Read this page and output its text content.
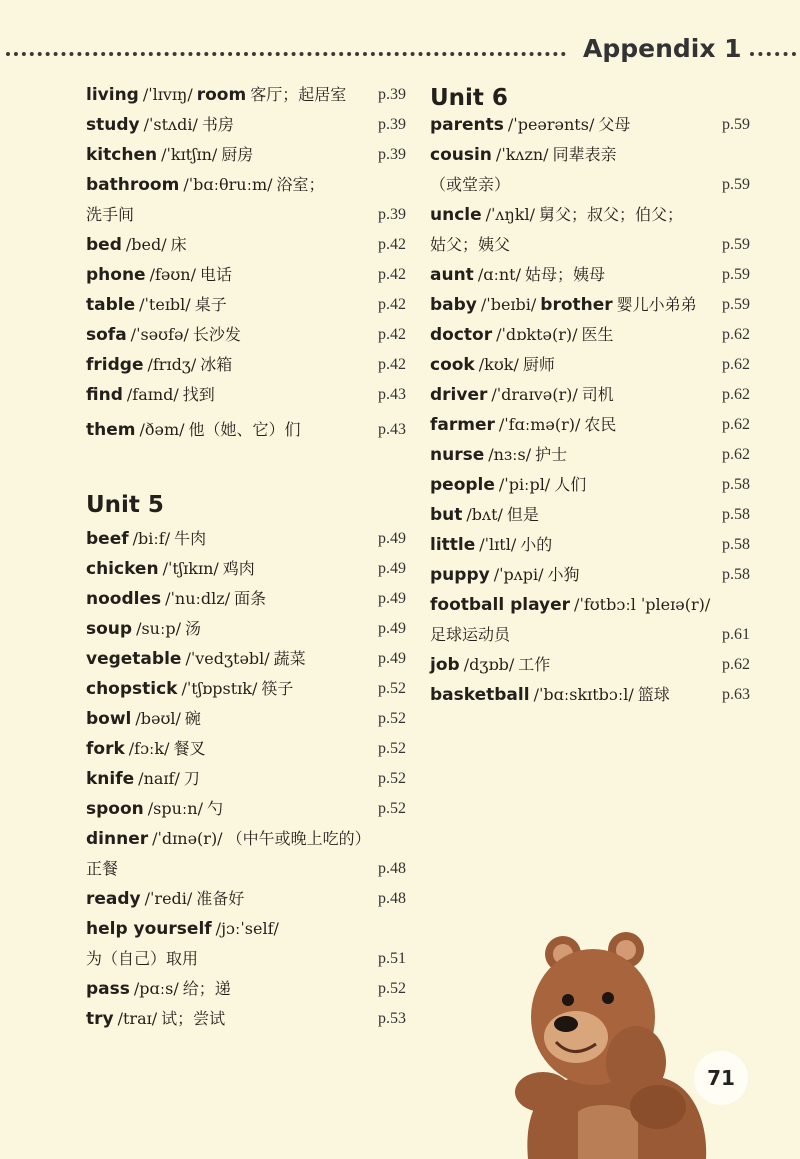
Appendix 1
living /ˈlɪvɪŋ/ room 客厅；起居室 p.39
study /ˈstʌdi/ 书房	p.39
kitchen /ˈkɪtʃɪn/ 厨房	p.39
bathroom /ˈbɑːθruːm/ 浴室；
洗手间	p.39
bed /bed/ 床	p.42
phone /fəʊn/ 电话	p.42
table /ˈteɪbl/ 桌子	p.42
sofa /ˈsəʊfə/ 长沙发	p.42
fridge /frɪdʒ/ 冰箱	p.42
find /faɪnd/ 找到	p.43
them /ðəm/ 他（她、它）们	p.43
Unit 5
beef /biːf/ 牛肉	p.49
chicken /ˈtʃɪkɪn/ 鸡肉	p.49
noodles /ˈnuːdlz/ 面条	p.49
soup /suːp/ 汤	p.49
vegetable /ˈvedʒtəbl/ 蔬菜	p.49
chopstick /ˈtʃɒpstɪk/ 筷子	p.52
bowl /bəʊl/ 碗	p.52
fork /fɔːk/ 餐叉	p.52
knife /naɪf/ 刀	p.52
spoon /spuːn/ 勺	p.52
dinner /ˈdɪnə(r)/ （中午或晚上吃的）
正餐	p.48
ready /ˈredi/ 准备好	p.48
help yourself /jɔːˈself/
为（自己）取用	p.51
pass /pɑːs/ 给；递	p.52
try /traɪ/ 试；尝试	p.53
Unit 6
parents /ˈpeərənts/ 父母	p.59
cousin /ˈkʌzn/ 同辈表亲
（或堂亲）	p.59
uncle /ˈʌŋkl/ 舅父；叔父；伯父；
姑父；姨父	p.59
aunt /ɑːnt/ 姑母；姨母	p.59
baby /ˈbeɪbi/ brother 婴儿小弟弟 p.59
doctor /ˈdɒktə(r)/ 医生	p.62
cook /kʊk/ 厨师	p.62
driver /ˈdraɪvə(r)/ 司机	p.62
farmer /ˈfɑːmə(r)/ 农民	p.62
nurse /nɜːs/ 护士	p.62
people /ˈpiːpl/ 人们	p.58
but /bʌt/ 但是	p.58
little /ˈlɪtl/ 小的	p.58
puppy /ˈpʌpi/ 小狗	p.58
football player /ˈfʊtbɔːl ˈpleɪə(r)/
足球运动员	p.61
job /dʒɒb/ 工作	p.62
basketball /ˈbɑːskɪtbɔːl/ 篮球	p.63
71
